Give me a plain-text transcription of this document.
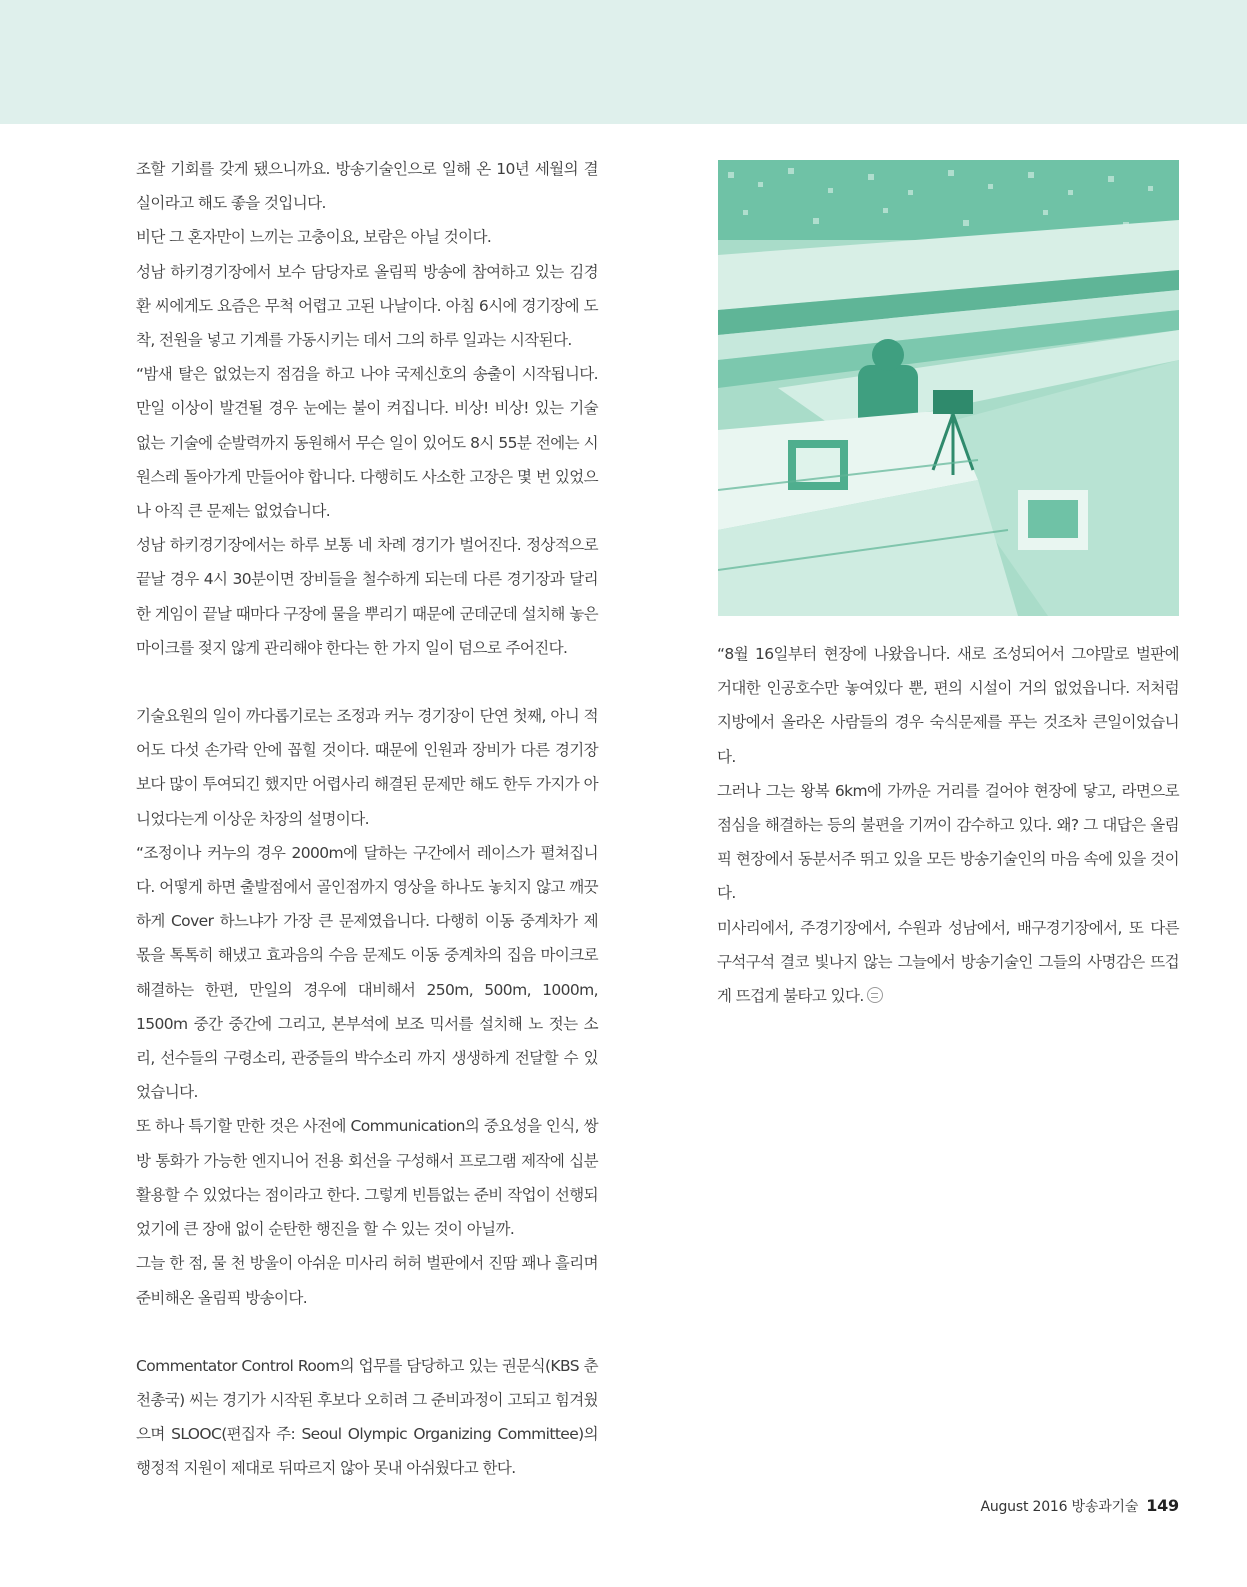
조할 기회를 갖게 됐으니까요. 방송기술인으로 일해 온 10년 세월의 결실이라고 해도 좋을 것입니다.

비단 그 혼자만이 느끼는 고충이요, 보람은 아닐 것이다.

성남 하키경기장에서 보수 담당자로 올림픽 방송에 참여하고 있는 김경환 씨에게도 요즘은 무척 어렵고 고된 나날이다. 아침 6시에 경기장에 도착, 전원을 넣고 기계를 가동시키는 데서 그의 하루 일과는 시작된다.

“밤새 탈은 없었는지 점검을 하고 나야 국제신호의 송출이 시작됩니다. 만일 이상이 발견될 경우 눈에는 불이 켜집니다. 비상! 비상! 있는 기술 없는 기술에 순발력까지 동원해서 무슨 일이 있어도 8시 55분 전에는 시원스레 돌아가게 만들어야 합니다. 다행히도 사소한 고장은 몇 번 있었으나 아직 큰 문제는 없었습니다.

성남 하키경기장에서는 하루 보통 네 차례 경기가 벌어진다. 정상적으로 끝날 경우 4시 30분이면 장비들을 철수하게 되는데 다른 경기장과 달리 한 게임이 끝날 때마다 구장에 물을 뿌리기 때문에 군데군데 설치해 놓은 마이크를 젖지 않게 관리해야 한다는 한 가지 일이 덤으로 주어진다.

기술요원의 일이 까다롭기로는 조정과 커누 경기장이 단연 첫째, 아니 적어도 다섯 손가락 안에 꼽힐 것이다. 때문에 인원과 장비가 다른 경기장보다 많이 투여되긴 했지만 어렵사리 해결된 문제만 해도 한두 가지가 아니었다는게 이상운 차장의 설명이다.

“조정이나 커누의 경우 2000m에 달하는 구간에서 레이스가 펼쳐집니다. 어떻게 하면 출발점에서 골인점까지 영상을 하나도 놓치지 않고 깨끗하게 Cover 하느냐가 가장 큰 문제였읍니다. 다행히 이동 중계차가 제 몫을 톡톡히 해냈고 효과음의 수음 문제도 이동 중계차의 집음 마이크로 해결하는 한편, 만일의 경우에 대비해서 250m, 500m, 1000m, 1500m 중간 중간에 그리고, 본부석에 보조 믹서를 설치해 노 젓는 소리, 선수들의 구령소리, 관중들의 박수소리 까지 생생하게 전달할 수 있었습니다.

또 하나 특기할 만한 것은 사전에 Communication의 중요성을 인식, 쌍방 통화가 가능한 엔지니어 전용 회선을 구성해서 프로그램 제작에 십분 활용할 수 있었다는 점이라고 한다. 그렇게 빈틈없는 준비 작업이 선행되었기에 큰 장애 없이 순탄한 행진을 할 수 있는 것이 아닐까.

그늘 한 점, 물 천 방울이 아쉬운 미사리 허허 벌판에서 진땀 꽤나 흘리며 준비해온 올림픽 방송이다.

Commentator Control Room의 업무를 담당하고 있는 권문식(KBS 춘천총국) 씨는 경기가 시작된 후보다 오히려 그 준비과정이 고되고 힘겨웠으며 SLOOC(편집자 주: Seoul Olympic Organizing Committee)의 행정적 지원이 제대로 뒤따르지 않아 못내 아쉬웠다고 한다.

“8월 16일부터 현장에 나왔읍니다. 새로 조성되어서 그야말로 벌판에 거대한 인공호수만 놓여있다 뿐, 편의 시설이 거의 없었읍니다. 저처럼 지방에서 올라온 사람들의 경우 숙식문제를 푸는 것조차 큰일이었습니다.

그러나 그는 왕복 6km에 가까운 거리를 걸어야 현장에 닿고, 라면으로 점심을 해결하는 등의 불편을 기꺼이 감수하고 있다. 왜? 그 대답은 올림픽 현장에서 동분서주 뛰고 있을 모든 방송기술인의 마음 속에 있을 것이다.

미사리에서, 주경기장에서, 수원과 성남에서, 배구경기장에서, 또 다른 구석구석 결코 빛나지 않는 그늘에서 방송기술인 그들의 사명감은 뜨겁게 뜨겁게 불타고 있다.

August 2016 방송과기술 149
